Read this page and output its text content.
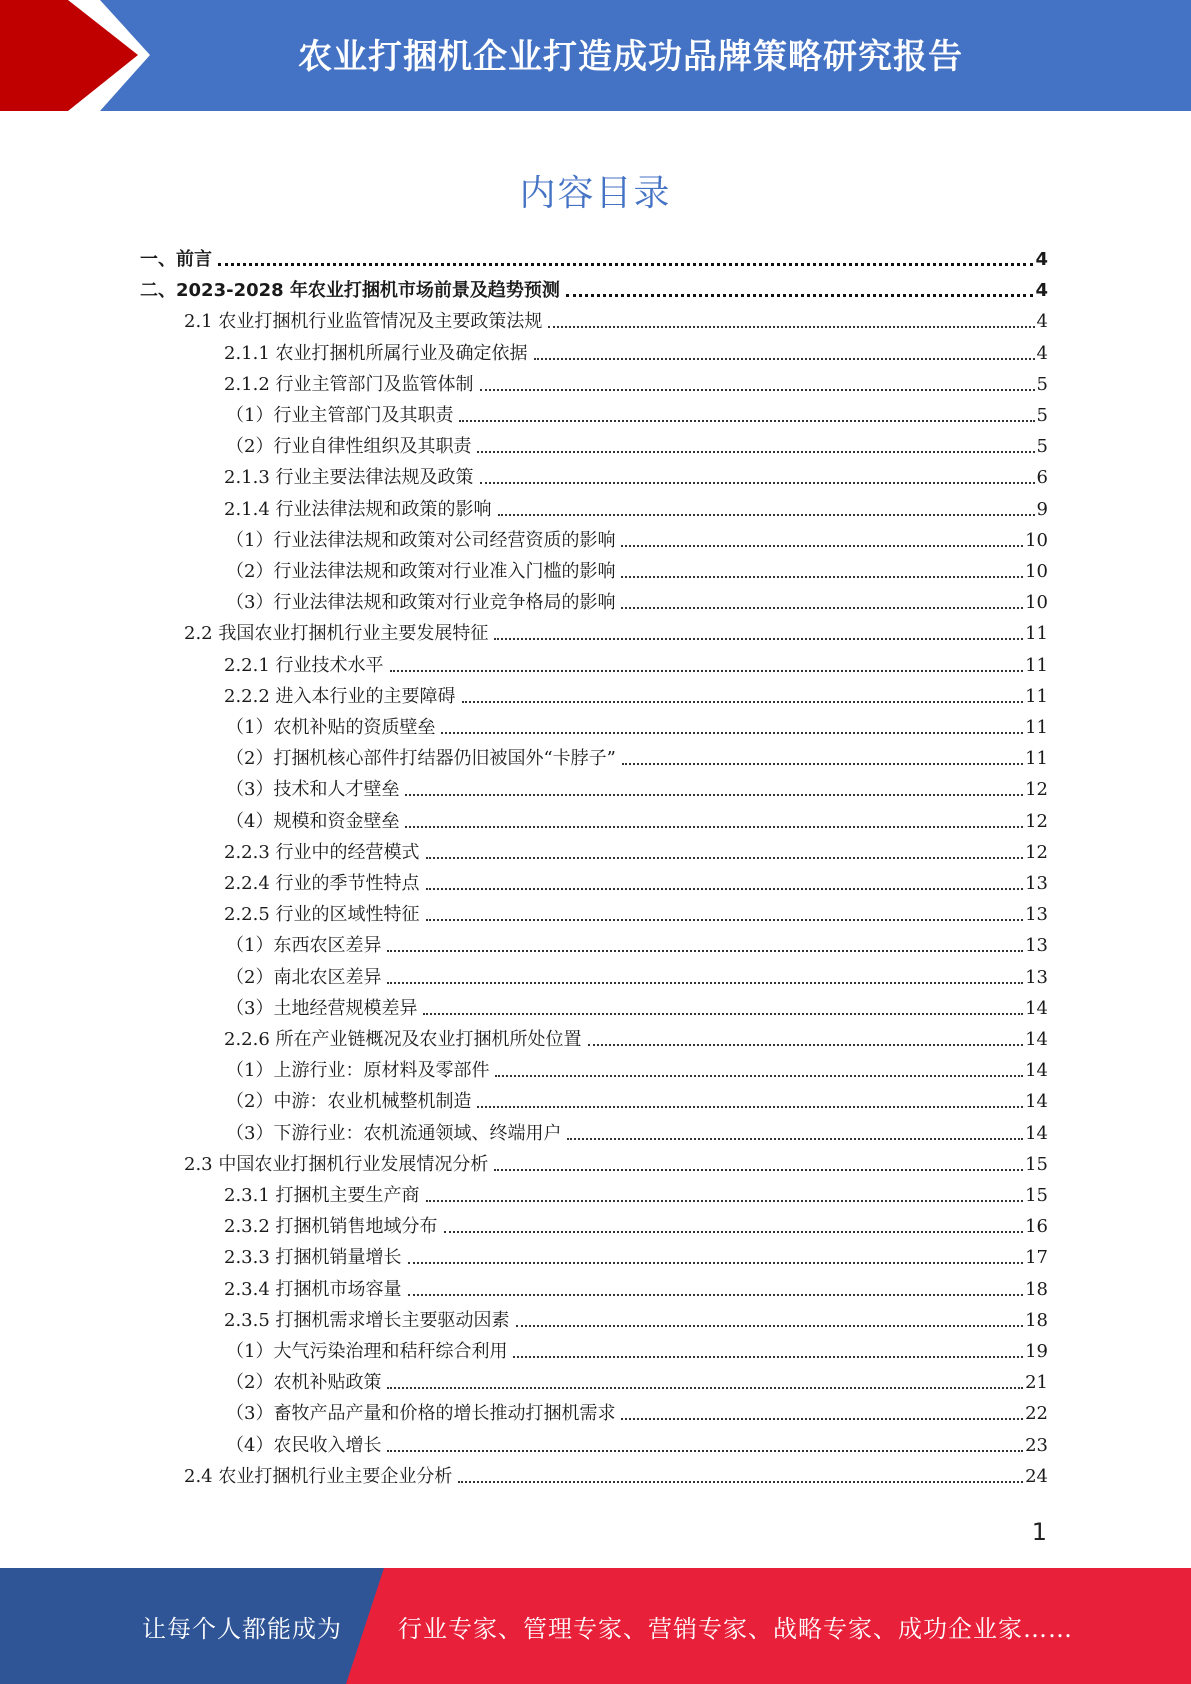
农业打捆机企业打造成功品牌策略研究报告
内容目录
一、前言	4
二、2023-2028 年农业打捆机市场前景及趋势预测	4
2.1 农业打捆机行业监管情况及主要政策法规	4
2.1.1 农业打捆机所属行业及确定依据	4
2.1.2 行业主管部门及监管体制	5
（1）行业主管部门及其职责	5
（2）行业自律性组织及其职责	5
2.1.3 行业主要法律法规及政策	6
2.1.4 行业法律法规和政策的影响	9
（1）行业法律法规和政策对公司经营资质的影响	10
（2）行业法律法规和政策对行业准入门槛的影响	10
（3）行业法律法规和政策对行业竞争格局的影响	10
2.2 我国农业打捆机行业主要发展特征	11
2.2.1 行业技术水平	11
2.2.2 进入本行业的主要障碍	11
（1）农机补贴的资质壁垒	11
（2）打捆机核心部件打结器仍旧被国外“卡脖子”	11
（3）技术和人才壁垒	12
（4）规模和资金壁垒	12
2.2.3 行业中的经营模式	12
2.2.4 行业的季节性特点	13
2.2.5 行业的区域性特征	13
（1）东西农区差异	13
（2）南北农区差异	13
（3）土地经营规模差异	14
2.2.6 所在产业链概况及农业打捆机所处位置	14
（1）上游行业：原材料及零部件	14
（2）中游：农业机械整机制造	14
（3）下游行业：农机流通领域、终端用户	14
2.3 中国农业打捆机行业发展情况分析	15
2.3.1 打捆机主要生产商	15
2.3.2 打捆机销售地域分布	16
2.3.3 打捆机销量增长	17
2.3.4 打捆机市场容量	18
2.3.5 打捆机需求增长主要驱动因素	18
（1）大气污染治理和秸秆综合利用	19
（2）农机补贴政策	21
（3）畜牧产品产量和价格的增长推动打捆机需求	22
（4）农民收入增长	23
2.4 农业打捆机行业主要企业分析	24
1
让每个人都能成为 行业专家、管理专家、营销专家、战略专家、成功企业家……
